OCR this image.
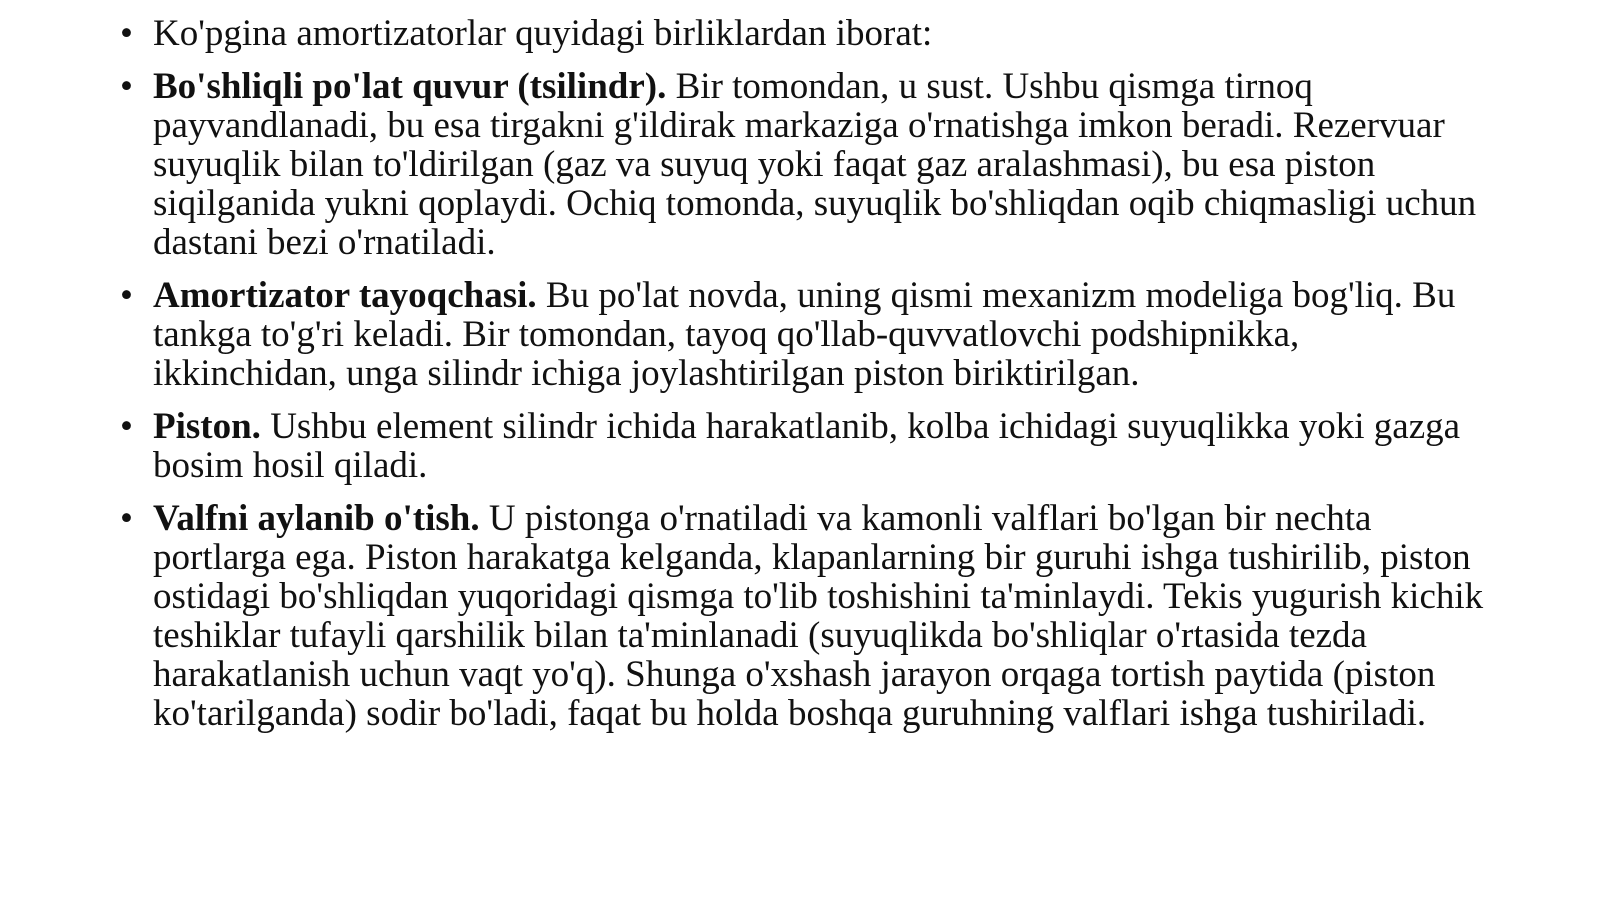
• Ko'pgina amortizatorlar quyidagi birliklardan iborat:
• Bo'shliqli po'lat quvur (tsilindr). Bir tomondan, u sust. Ushbu qismga tirnoq payvandlanadi, bu esa tirgakni g'ildirak markaziga o'rnatishga imkon beradi. Rezervuar suyuqlik bilan to'ldirilgan (gaz va suyuq yoki faqat gaz aralashmasi), bu esa piston siqilganida yukni qoplaydi. Ochiq tomonda, suyuqlik bo'shliqdan oqib chiqmasligi uchun dastani bezi o'rnatiladi.
• Amortizator tayoqchasi. Bu po'lat novda, uning qismi mexanizm modeliga bog'liq. Bu tankga to'g'ri keladi. Bir tomondan, tayoq qo'llab-quvvatlovchi podshipnikka, ikkinchidan, unga silindr ichiga joylashtirilgan piston biriktirilgan.
• Piston. Ushbu element silindr ichida harakatlanib, kolba ichidagi suyuqlikka yoki gazga bosim hosil qiladi.
• Valfni aylanib o'tish. U pistonga o'rnatiladi va kamonli valflari bo'lgan bir nechta portlarga ega. Piston harakatga kelganda, klapanlarning bir guruhi ishga tushirilib, piston ostidagi bo'shliqdan yuqoridagi qismga to'lib toshishini ta'minlaydi. Tekis yugurish kichik teshiklar tufayli qarshilik bilan ta'minlanadi (suyuqlikda bo'shliqlar o'rtasida tezda harakatlanish uchun vaqt yo'q). Shunga o'xshash jarayon orqaga tortish paytida (piston ko'tarilganda) sodir bo'ladi, faqat bu holda boshqa guruhning valflari ishga tushiriladi.
